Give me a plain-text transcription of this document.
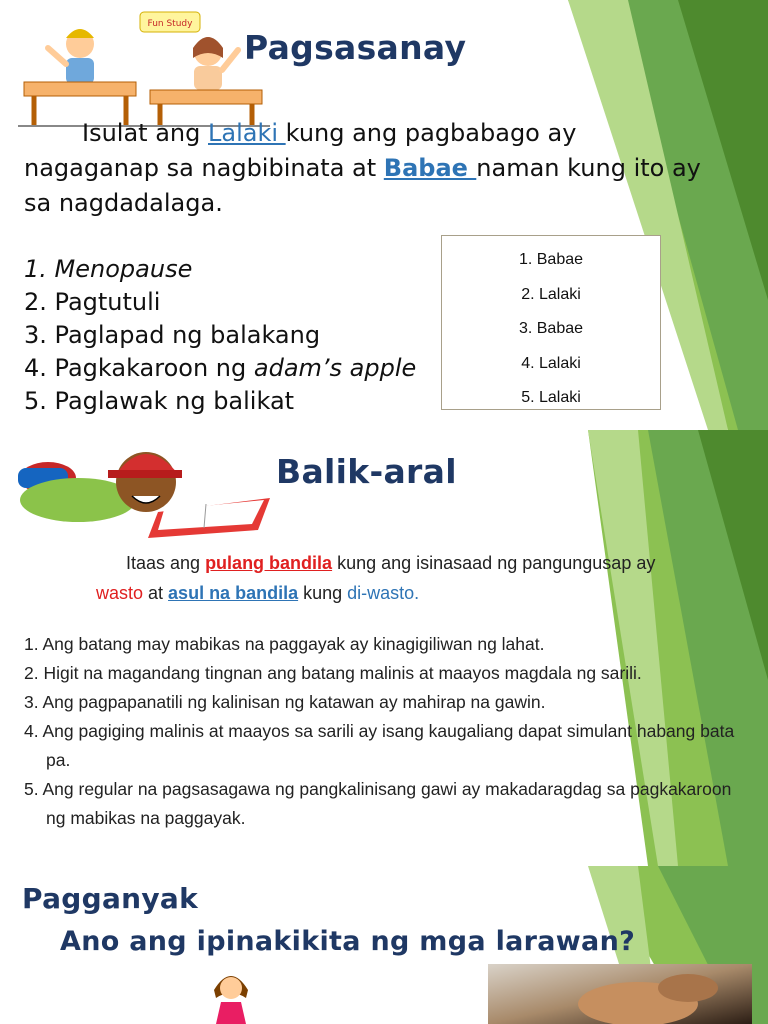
Fun Study
Pagsasanay
Isulat ang Lalaki kung ang pagbabago ay nagaganap sa nagbibinata at Babae naman kung ito ay sa nagdadalaga.
1. Menopause
2. Pagtutuli
3. Paglapad ng balakang
4. Pagkakaroon ng adam’s apple
5. Paglawak ng balikat
1. Babae
2. Lalaki
3. Babae
4. Lalaki
5. Lalaki
Balik-aral
Itaas ang pulang bandila kung ang isinasaad ng pangungusap ay
wasto at asul na bandila kung di-wasto.
1. Ang batang may mabikas na paggayak ay kinagigiliwan ng lahat.
2. Higit na magandang tingnan ang batang malinis at maayos magdala ng sarili.
3. Ang pagpapanatili ng kalinisan ng katawan ay mahirap na gawin.
4. Ang pagiging malinis at maayos sa sarili ay isang kaugaliang dapat simulant habang bata pa.
5. Ang regular na pagsasagawa ng pangkalinisang gawi ay makadaragdag sa pagkakaroon ng mabikas na paggayak.
Pagganyak
Ano ang ipinakikita ng mga larawan?
